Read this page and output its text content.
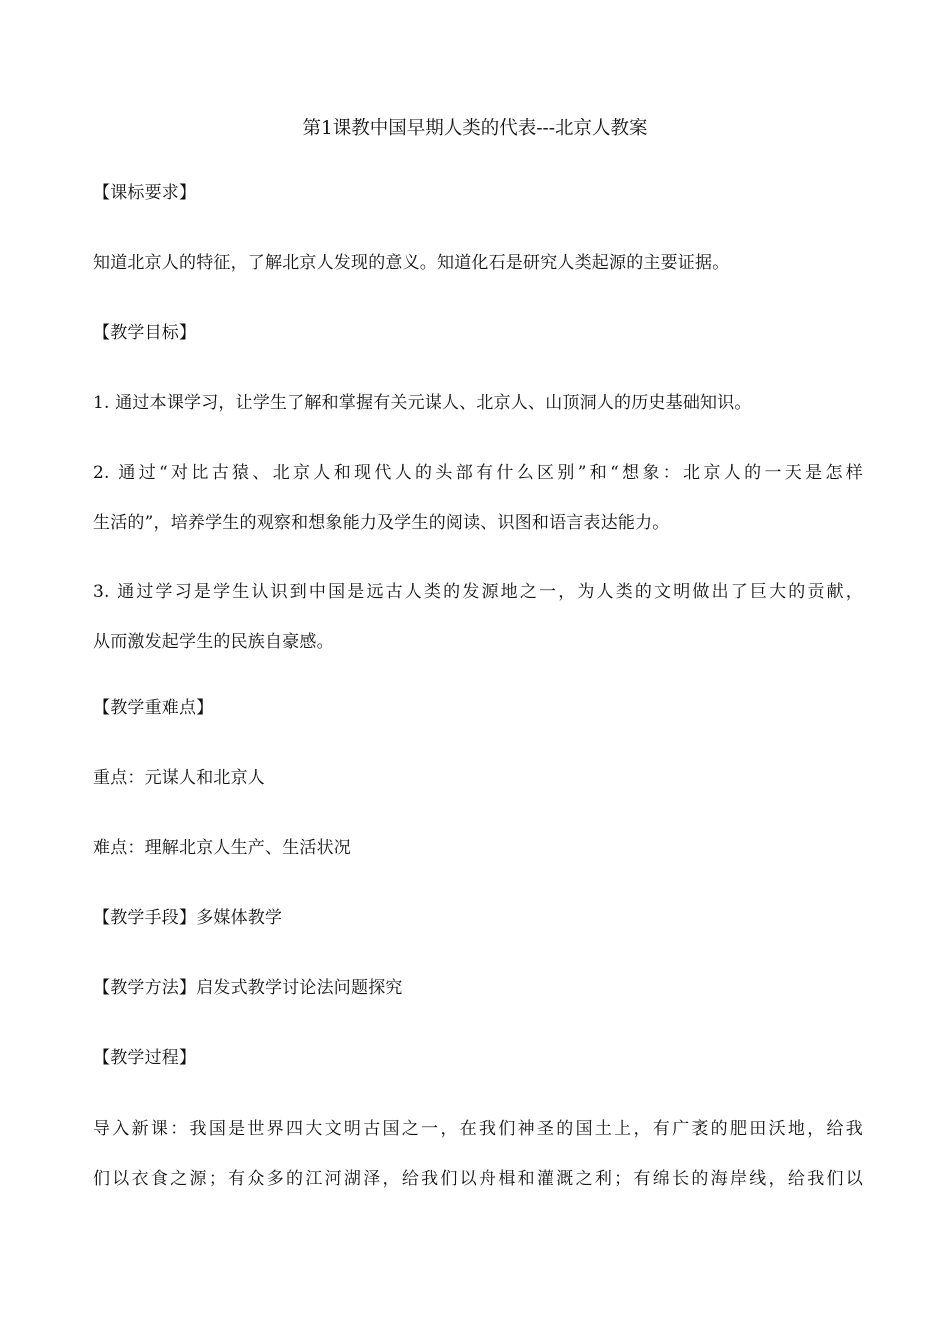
第1课教中国早期人类的代表---北京人教案
【课标要求】
知道北京人的特征，了解北京人发现的意义。知道化石是研究人类起源的主要证据。
【教学目标】
1. 通过本课学习，让学生了解和掌握有关元谋人、北京人、山顶洞人的历史基础知识。
2. 通过“对比古猿、北京人和现代人的头部有什么区别”和“想象：北京人的一天是怎样
生活的”，培养学生的观察和想象能力及学生的阅读、识图和语言表达能力。
3. 通过学习是学生认识到中国是远古人类的发源地之一，为人类的文明做出了巨大的贡献，
从而激发起学生的民族自豪感。
【教学重难点】
重点：元谋人和北京人
难点：理解北京人生产、生活状况
【教学手段】多媒体教学
【教学方法】启发式教学讨论法问题探究
【教学过程】
导入新课：我国是世界四大文明古国之一，在我们神圣的国土上，有广袤的肥田沃地，给我
们以衣食之源；有众多的江河湖泽，给我们以舟楫和灌溉之利；有绵长的海岸线，给我们以
